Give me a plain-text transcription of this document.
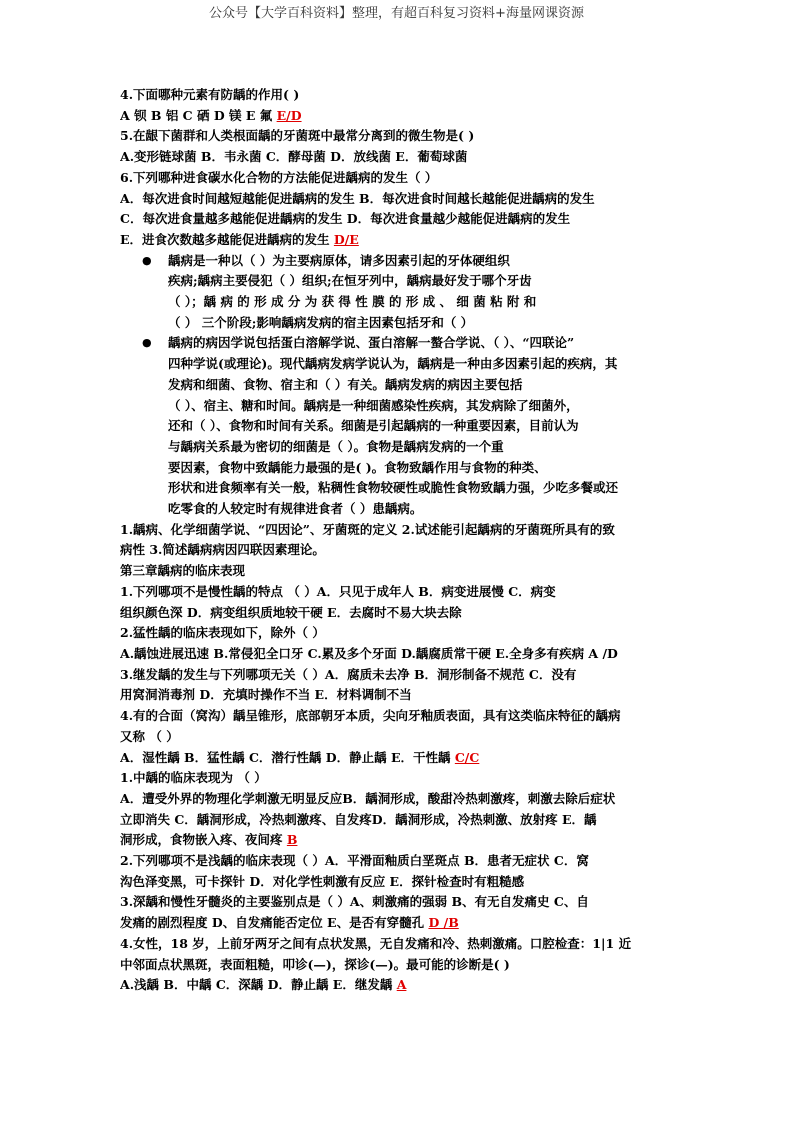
公众号【大学百科资料】整理，有超百科复习资料+海量网课资源
4.下面哪种元素有防龋的作用( )
A 钡 B 铝 C 硒 D 镁 E 氟 E/D
5.在龈下菌群和人类根面龋的牙菌斑中最常分离到的微生物是( )
A.变形链球菌 B．韦永菌 C．酵母菌 D．放线菌 E．葡萄球菌
6.下列哪种进食碳水化合物的方法能促进龋病的发生（ ）
A．每次进食时间越短越能促进龋病的发生 B．每次进食时间越长越能促进龋病的发生
C．每次进食量越多越能促进龋病的发生 D．每次进食量越少越能促进龋病的发生
E．进食次数越多越能促进龋病的发生 D/E
● 龋病是一种以（ ）为主要病原体，请多因素引起的牙体硬组织
疾病;龋病主要侵犯（ ）组织;在恒牙列中，龋病最好发于哪个牙齿
（ ）；龋 病 的 形 成 分 为 获 得 性 膜 的 形 成 、 细 菌 粘 附 和
（ ） 三个阶段;影响龋病发病的宿主因素包括牙和（ ）
● 龋病的病因学说包括蛋白溶解学说、蛋白溶解一螯合学说、（ ）、“四联论”
四种学说(或理论)。现代龋病发病学说认为，龋病是一种由多因素引起的疾病，其
发病和细菌、食物、宿主和（ ）有关。龋病发病的病因主要包括
（ ）、宿主、糖和时间。龋病是一种细菌感染性疾病，其发病除了细菌外，
还和（ ）、食物和时间有关系。细菌是引起龋病的一种重要因素，目前认为
与龋病关系最为密切的细菌是（ ）。食物是龋病发病的一个重
要因素，食物中致龋能力最强的是( )。食物致龋作用与食物的种类、
形状和进食频率有关一般，粘稠性食物较硬性或脆性食物致龋力强，少吃多餐或还
吃零食的人较定时有规律进食者（ ）患龋病。
1.龋病、化学细菌学说、“四因论”、牙菌斑的定义 2.试述能引起龋病的牙菌斑所具有的致
病性 3.简述龋病病因四联因素理论。
第三章龋病的临床表现
1.下列哪项不是慢性龋的特点 （ ）A．只见于成年人 B．病变进展慢 C．病变
组织颜色深 D．病变组织质地较干硬 E．去腐时不易大块去除
2.猛性龋的临床表现如下，除外（ ）
A.龋蚀进展迅速 B.常侵犯全口牙 C.累及多个牙面 D.龋腐质常干硬 E.全身多有疾病 A /D
3.继发龋的发生与下列哪项无关（ ）A．腐质未去净 B．洞形制备不规范 C．没有
用窝洞消毒剂 D．充填时操作不当 E．材料调制不当
4.有的合面（窝沟）龋呈锥形，底部朝牙本质，尖向牙釉质表面，具有这类临床特征的龋病
又称 （ ）
A．湿性龋 B．猛性龋 C．潜行性龋 D．静止龋 E．干性龋 C/C
1.中龋的临床表现为 （ ）
A．遭受外界的物理化学刺激无明显反应B．龋洞形成，酸甜冷热刺激疼，刺激去除后症状
立即消失 C．龋洞形成，冷热刺激疼、自发疼D．龋洞形成，冷热刺激、放射疼 E．龋
洞形成，食物嵌入疼、夜间疼 B
2.下列哪项不是浅龋的临床表现（ ）A．平滑面釉质白垩斑点 B．患者无症状 C．窝
沟色泽变黑，可卡探针 D．对化学性刺激有反应 E．探针检查时有粗糙感
3.深龋和慢性牙髓炎的主要鉴别点是（ ）A、刺激痛的强弱 B、有无自发痛史 C、自
发痛的剧烈程度 D、自发痛能否定位 E、是否有穿髓孔 D /B
4.女性，18 岁，上前牙两牙之间有点状发黑，无自发痛和冷、热刺激痛。口腔检查：1|1 近
中邻面点状黑斑，表面粗糙，叩诊(—)，探诊(—)。最可能的诊断是( )
A.浅龋 B．中龋 C．深龋 D．静止龋 E．继发龋 A
